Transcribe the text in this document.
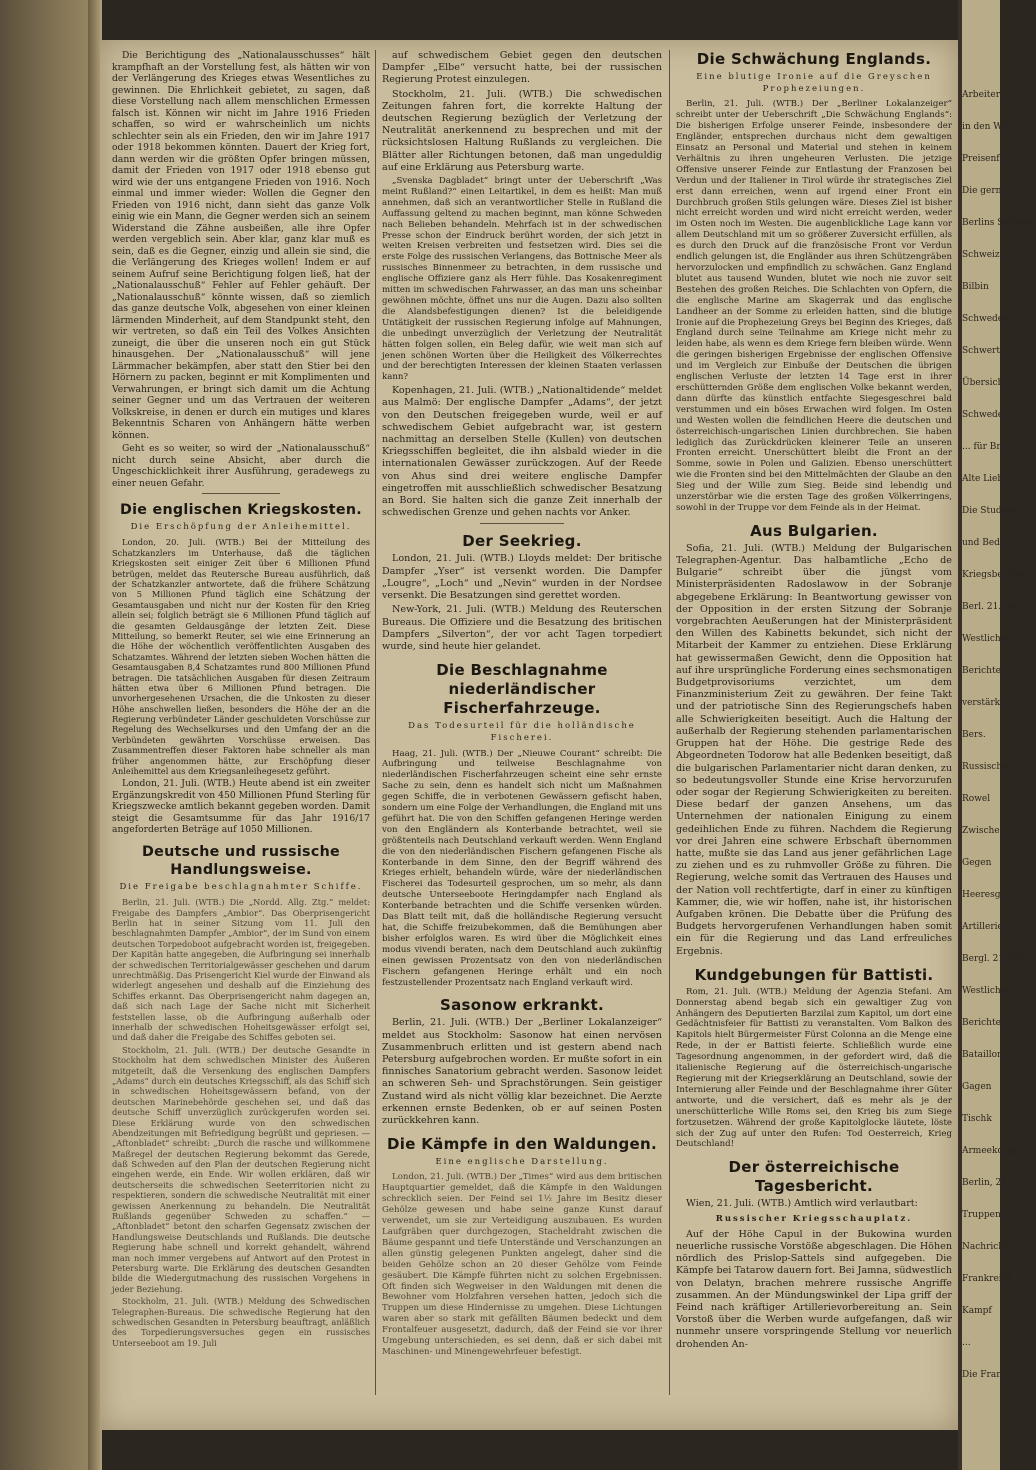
Die Berichtigung des „Nationalausschusses“ hält krampfhaft an der Vorstellung fest, als hätten wir von der Verlängerung des Krieges etwas Wesentliches zu gewinnen. Die Ehrlichkeit gebietet, zu sagen, daß diese Vorstellung nach allem menschlichen Ermessen falsch ist. Können wir nicht im Jahre 1916 Frieden schaffen, so wird er wahrscheinlich um nichts schlechter sein als ein Frieden, den wir im Jahre 1917 oder 1918 bekommen könnten. Dauert der Krieg fort, dann werden wir die größten Opfer bringen müssen, damit der Frieden von 1917 oder 1918 ebenso gut wird wie der uns entgangene Frieden von 1916. Noch einmal und immer wieder: Wollen die Gegner den Frieden von 1916 nicht, dann sieht das ganze Volk einig wie ein Mann, die Gegner werden sich an seinem Widerstand die Zähne ausbeißen, alle ihre Opfer werden vergeblich sein. Aber klar, ganz klar muß es sein, daß es die Gegner, einzig und allein sie sind, die die Verlängerung des Krieges wollen! Indem er auf seinem Aufruf seine Berichtigung folgen ließ, hat der „Nationalausschuß“ Fehler auf Fehler gehäuft. Der „Nationalausschuß“ könnte wissen, daß so ziemlich das ganze deutsche Volk, abgesehen von einer kleinen lärmenden Minderheit, auf dem Standpunkt steht, den wir vertreten, so daß ein Teil des Volkes Ansichten zuneigt, die über die unseren noch ein gut Stück hinausgehen. Der „Nationalausschuß“ will jene Lärmmacher bekämpfen, aber statt den Stier bei den Hörnern zu packen, beginnt er mit Komplimenten und Verwahrungen, er bringt sich damit um die Achtung seiner Gegner und um das Vertrauen der weiteren Volkskreise, in denen er durch ein mutiges und klares Bekenntnis Scharen von Anhängern hätte werben können.

Geht es so weiter, so wird der „Nationalausschuß“ nicht durch seine Absicht, aber durch die Ungeschicklichkeit ihrer Ausführung, geradewegs zu einer neuen Gefahr.

Die englischen Kriegskosten.
Die Erschöpfung der Anleihemittel.

London, 20. Juli. (WTB.) Bei der Mitteilung des Schatzkanzlers im Unterhause, daß die täglichen Kriegskosten seit einiger Zeit über 6 Millionen Pfund betrügen, meldet das Reutersche Bureau ausführlich, daß der Schatzkanzler antwortete, daß die frühere Schätzung von 5 Millionen Pfund täglich eine Schätzung der Gesamtausgaben und nicht nur der Kosten für den Krieg allein sei; folglich beträgt sie 6 Millionen Pfund täglich auf die gesamten Geldausgänge der letzten Zeit. Diese Mitteilung, so bemerkt Reuter, sei wie eine Erinnerung an die Höhe der wöchentlich veröffentlichten Ausgaben des Schatzamtes. Während der letzten sieben Wochen hätten die Gesamtausgaben 8,4 Schatzamtes rund 800 Millionen Pfund betragen. Die tatsächlichen Ausgaben für diesen Zeitraum hätten etwa über 6 Millionen Pfund betragen. Die unvorhergesehenen Ursachen, die die Unkosten zu dieser Höhe anschwellen ließen, besonders die Höhe der an die Regierung verbündeter Länder geschuldeten Vorschüsse zur Regelung des Wechselkurses und den Umfang der an die Verbündeten gewährten Vorschüsse erweisen. Das Zusammentreffen dieser Faktoren habe schneller als man früher angenommen hätte, zur Erschöpfung dieser Anleihemittel aus dem Kriegsanleihegesetz geführt.

London, 21. Juli. (WTB.) Heute abend ist ein zweiter Ergänzungskredit von 450 Millionen Pfund Sterling für Kriegszwecke amtlich bekannt gegeben worden. Damit steigt die Gesamtsumme für das Jahr 1916/17 angeforderten Beträge auf 1050 Millionen.

Deutsche und russische Handlungsweise.
Die Freigabe beschlagnahmter Schiffe.

Berlin, 21. Juli. (WTB.) Die „Nordd. Allg. Ztg.“ meldet: Freigabe des Dampfers „Ambior“. Das Oberprisengericht Berlin hat in seiner Sitzung vom 11. Juli den beschlagnahmten Dampfer „Ambior“, der im Sund von einem deutschen Torpedoboot aufgebracht worden ist, freigegeben. Der Kapitän hatte angegeben, die Aufbringung sei innerhalb der schwedischen Territorialgewässer geschehen und darum unrechtmäßig. Das Prisengericht Kiel wurde der Einwand als widerlegt angesehen und deshalb auf die Einziehung des Schiffes erkannt. Das Oberprisengericht nahm dagegen an, daß sich nach Lage der Sache nicht mit Sicherheit feststellen lasse, ob die Aufbringung außerhalb oder innerhalb der schwedischen Hoheitsgewässer erfolgt sei, und daß daher die Freigabe des Schiffes geboten sei.

Stockholm, 21. Juli. (WTB.) Der deutsche Gesandte in Stockholm hat dem schwedischen Minister des Äußeren mitgeteilt, daß die Versenkung des englischen Dampfers „Adams“ durch ein deutsches Kriegsschiff, als das Schiff sich in schwedischen Hoheitsgewässern befand, von der deutschen Marinebehörde geschehen sei, und daß das deutsche Schiff unverzüglich zurückgerufen worden sei. Diese Erklärung wurde von den schwedischen Abendzeitungen mit Befriedigung begrüßt und gepriesen. — „Aftonbladet“ schreibt: „Durch die rasche und willkommene Maßregel der deutschen Regierung bekommt das Gerede, daß Schweden auf den Plan der deutschen Regierung nicht eingehen werde, ein Ende. Wir wollen erklären, daß wir deutscherseits die schwedischen Seeterritorien nicht zu respektieren, sondern die schwedische Neutralität mit einer gewissen Anerkennung zu behandeln. Die Neutralität Rußlands gegenüber Schweden zu schaffen.“ — „Aftonbladet“ betont den scharfen Gegensatz zwischen der Handlungsweise Deutschlands und Rußlands. Die deutsche Regierung habe schnell und korrekt gehandelt, während man noch immer vergebens auf Antwort auf den Protest in Petersburg warte. Die Erklärung des deutschen Gesandten bilde die Wiedergutmachung des russischen Vorgehens in jeder Beziehung.

Stockholm, 21. Juli. (WTB.) Meldung des Schwedischen Telegraphen-Bureaus. Die schwedische Regierung hat den schwedischen Gesandten in Petersburg beauftragt, anläßlich des Torpedierungsversuches gegen ein russisches Unterseeboot am 19. Juli

auf schwedischem Gebiet gegen den deutschen Dampfer „Elbe“ versucht hatte, bei der russischen Regierung Protest einzulegen.

Stockholm, 21. Juli. (WTB.) Die schwedischen Zeitungen fahren fort, die korrekte Haltung der deutschen Regierung bezüglich der Verletzung der Neutralität anerkennend zu besprechen und mit der rücksichtslosen Haltung Rußlands zu vergleichen. Die Blätter aller Richtungen betonen, daß man ungeduldig auf eine Erklärung aus Petersburg warte.

„Svenska Dagbladet“ bringt unter der Ueberschrift „Was meint Rußland?“ einen Leitartikel, in dem es heißt: Man muß annehmen, daß sich an verantwortlicher Stelle in Rußland die Auffassung geltend zu machen beginnt, man könne Schweden nach Belieben behandeln. Mehrfach ist in der schwedischen Presse schon der Eindruck berührt worden, der sich jetzt in weiten Kreisen verbreiten und festsetzen wird. Dies sei die erste Folge des russischen Verlangens, das Bottnische Meer als russisches Binnenmeer zu betrachten, in dem russische und englische Offiziere ganz als Herr fühle. Das Kosakenregiment mitten im schwedischen Fahrwasser, an das man uns scheinbar gewöhnen möchte, öffnet uns nur die Augen. Dazu also sollten die Alandsbefestigungen dienen? Ist die beleidigende Untätigkeit der russischen Regierung infolge auf Mahnungen, die unbedingt unverzüglich der Verletzung der Neutralität hätten folgen sollen, ein Beleg dafür, wie weit man sich auf jenen schönen Worten über die Heiligkeit des Völkerrechtes und der berechtigten Interessen der kleinen Staaten verlassen kann?

Kopenhagen, 21. Juli. (WTB.) „Nationaltidende“ meldet aus Malmö: Der englische Dampfer „Adams“, der jetzt von den Deutschen freigegeben wurde, weil er auf schwedischem Gebiet aufgebracht war, ist gestern nachmittag an derselben Stelle (Kullen) von deutschen Kriegsschiffen begleitet, die ihn alsbald wieder in die internationalen Gewässer zurückzogen. Auf der Reede von Ahus sind drei weitere englische Dampfer eingetroffen mit ausschließlich schwedischer Besatzung an Bord. Sie halten sich die ganze Zeit innerhalb der schwedischen Grenze und gehen nachts vor Anker.

Der Seekrieg.

London, 21. Juli. (WTB.) Lloyds meldet: Der britische Dampfer „Yser“ ist versenkt worden. Die Dampfer „Lougre“, „Loch“ und „Nevin“ wurden in der Nordsee versenkt. Die Besatzungen sind gerettet worden.

New-York, 21. Juli. (WTB.) Meldung des Reuterschen Bureaus. Die Offiziere und die Besatzung des britischen Dampfers „Silverton“, der vor acht Tagen torpediert wurde, sind heute hier gelandet.

Die Beschlagnahme niederländischer Fischerfahrzeuge.
Das Todesurteil für die holländische Fischerei.

Haag, 21. Juli. (WTB.) Der „Nieuwe Courant“ schreibt: Die Aufbringung und teilweise Beschlagnahme von niederländischen Fischerfahrzeugen scheint eine sehr ernste Sache zu sein, denn es handelt sich nicht um Maßnahmen gegen Schiffe, die in verbotenen Gewässern gefischt haben, sondern um eine Folge der Verhandlungen, die England mit uns geführt hat. Die von den Schiffen gefangenen Heringe werden von den Engländern als Konterbande betrachtet, weil sie größtenteils nach Deutschland verkauft werden. Wenn England die von den niederländischen Fischern gefangenen Fische als Konterbande in dem Sinne, den der Begriff während des Krieges erhielt, behandeln würde, wäre der niederländischen Fischerei das Todesurteil gesprochen, um so mehr, als dann deutsche Unterseeboote Heringdampfer nach England als Konterbande betrachten und die Schiffe versenken würden. Das Blatt teilt mit, daß die holländische Regierung versucht hat, die Schiffe freizubekommen, daß die Bemühungen aber bisher erfolglos waren. Es wird über die Möglichkeit eines modus vivendi beraten, nach dem Deutschland auch zukünftig einen gewissen Prozentsatz von den von niederländischen Fischern gefangenen Heringe erhält und ein noch festzustellender Prozentsatz nach England verkauft wird.

Sasonow erkrankt.

Berlin, 21. Juli. (WTB.) Der „Berliner Lokalanzeiger“ meldet aus Stockholm: Sasonow hat einen nervösen Zusammenbruch erlitten und ist gestern abend nach Petersburg aufgebrochen worden. Er mußte sofort in ein finnisches Sanatorium gebracht werden. Sasonow leidet an schweren Seh- und Sprachstörungen. Sein geistiger Zustand wird als nicht völlig klar bezeichnet. Die Aerzte erkennen ernste Bedenken, ob er auf seinen Posten zurückkehren kann.

Die Kämpfe in den Waldungen.
Eine englische Darstellung.

London, 21. Juli. (WTB.) Der „Times“ wird aus dem britischen Hauptquartier gemeldet, daß die Kämpfe in den Waldungen schrecklich seien. Der Feind sei 1½ Jahre im Besitz dieser Gehölze gewesen und habe seine ganze Kunst darauf verwendet, um sie zur Verteidigung auszubauen. Es wurden Laufgräben quer durchgezogen, Stacheldraht zwischen die Bäume gespannt und tiefe Unterstände und Verschanzungen an allen günstig gelegenen Punkten angelegt, daher sind die beiden Gehölze schon an 20 dieser Gehölze vom Feinde gesäubert. Die Kämpfe führten nicht zu solchen Ergebnissen. Oft finden sich Wegweiser in den Waldungen mit denen die Bewohner vom Holzfahren versehen hatten, jedoch sich die Truppen um diese Hindernisse zu umgehen. Diese Lichtungen waren aber so stark mit gefällten Bäumen bedeckt und dem Frontalfeuer ausgesetzt, dadurch, daß der Feind sie vor ihrer Umgebung unterschieden, es sei denn, daß er sich dabei mit Maschinen- und Minengewehrfeuer befestigt.

Die Schwächung Englands.
Eine blutige Ironie auf die Greyschen Prophezeiungen.

Berlin, 21. Juli. (WTB.) Der „Berliner Lokalanzeiger“ schreibt unter der Ueberschrift „Die Schwächung Englands“: Die bisherigen Erfolge unserer Feinde, insbesondere der Engländer, entsprechen durchaus nicht dem gewaltigen Einsatz an Personal und Material und stehen in keinem Verhältnis zu ihren ungeheuren Verlusten. Die jetzige Offensive unserer Feinde zur Entlastung der Franzosen bei Verdun und der Italiener in Tirol würde ihr strategisches Ziel erst dann erreichen, wenn auf irgend einer Front ein Durchbruch großen Stils gelungen wäre. Dieses Ziel ist bisher nicht erreicht worden und wird nicht erreicht werden, weder im Osten noch im Westen. Die augenblickliche Lage kann vor allem Deutschland mit um so größerer Zuversicht erfüllen, als es durch den Druck auf die französische Front vor Verdun endlich gelungen ist, die Engländer aus ihren Schützengräben hervorzulocken und empfindlich zu schwächen. Ganz England blutet aus tausend Wunden, blutet wie noch nie zuvor seit Bestehen des großen Reiches. Die Schlachten von Opfern, die die englische Marine am Skagerrak und das englische Landheer an der Somme zu erleiden hatten, sind die blutige Ironie auf die Prophezeiung Greys bei Beginn des Krieges, daß England durch seine Teilnahme am Kriege nicht mehr zu leiden habe, als wenn es dem Kriege fern bleiben würde. Wenn die geringen bisherigen Ergebnisse der englischen Offensive und im Vergleich zur Einbuße der Deutschen die übrigen englischen Verluste der letzten 14 Tage erst in ihrer erschütternden Größe dem englischen Volke bekannt werden, dann dürfte das künstlich entfachte Siegesgeschrei bald verstummen und ein böses Erwachen wird folgen. Im Osten und Westen wollen die feindlichen Heere die deutschen und österreichisch-ungarischen Linien durchbrechen. Sie haben lediglich das Zurückdrücken kleinerer Teile an unseren Fronten erreicht. Unerschüttert bleibt die Front an der Somme, sowie in Polen und Galizien. Ebenso unerschüttert wie die Fronten sind bei den Mittelmächten der Glaube an den Sieg und der Wille zum Sieg. Beide sind lebendig und unzerstörbar wie die ersten Tage des großen Völkerringens, sowohl in der Truppe vor dem Feinde als in der Heimat.

Aus Bulgarien.

Sofia, 21. Juli. (WTB.) Meldung der Bulgarischen Telegraphen-Agentur. Das halbamtliche „Echo de Bulgarie“ schreibt über die jüngst vom Ministerpräsidenten Radoslawow in der Sobranje abgegebene Erklärung: In Beantwortung gewisser von der Opposition in der ersten Sitzung der Sobranje vorgebrachten Aeußerungen hat der Ministerpräsident den Willen des Kabinetts bekundet, sich nicht der Mitarbeit der Kammer zu entziehen. Diese Erklärung hat gewissermaßen Gewicht, denn die Opposition hat auf ihre ursprüngliche Forderung eines sechsmonatigen Budgetprovisoriums verzichtet, um dem Finanzministerium Zeit zu gewähren. Der feine Takt und der patriotische Sinn des Regierungschefs haben alle Schwierigkeiten beseitigt. Auch die Haltung der außerhalb der Regierung stehenden parlamentarischen Gruppen hat der Höhe. Die gestrige Rede des Abgeordneten Todorow hat alle Bedenken beseitigt, daß die bulgarischen Parlamentarier nicht daran denken, zu so bedeutungsvoller Stunde eine Krise hervorzurufen oder sogar der Regierung Schwierigkeiten zu bereiten. Diese bedarf der ganzen Ansehens, um das Unternehmen der nationalen Einigung zu einem gedeihlichen Ende zu führen. Nachdem die Regierung vor drei Jahren eine schwere Erbschaft übernommen hatte, mußte sie das Land aus jener gefährlichen Lage zu ziehen und es zu ruhmvoller Größe zu führen. Die Regierung, welche somit das Vertrauen des Hauses und der Nation voll rechtfertigte, darf in einer zu künftigen Kammer, die, wie wir hoffen, nahe ist, ihr historischen Aufgaben krönen. Die Debatte über die Prüfung des Budgets hervorgerufenen Verhandlungen haben somit ein für die Regierung und das Land erfreuliches Ergebnis.

Kundgebungen für Battisti.

Rom, 21. Juli. (WTB.) Meldung der Agenzia Stefani. Am Donnerstag abend begab sich ein gewaltiger Zug von Anhängern des Deputierten Barzilai zum Kapitol, um dort eine Gedächtnisfeier für Battisti zu veranstalten. Vom Balkon des Kapitols hielt Bürgermeister Fürst Colonna an die Menge eine Rede, in der er Battisti feierte. Schließlich wurde eine Tagesordnung angenommen, in der gefordert wird, daß die italienische Regierung auf die österreichisch-ungarische Regierung mit der Kriegserklärung an Deutschland, sowie der Internierung aller Feinde und der Beschlagnahme ihrer Güter antworte, und die versichert, daß es mehr als je der unerschütterliche Wille Roms sei, den Krieg bis zum Siege fortzusetzen. Während der große Kapitolglocke läutete, löste sich der Zug auf unter den Rufen: Tod Oesterreich, Krieg Deutschland!

Der österreichische Tagesbericht.

Wien, 21. Juli. (WTB.) Amtlich wird verlautbart:

Russischer Kriegsschauplatz.

Auf der Höhe Capul in der Bukowina wurden neuerliche russische Vorstöße abgeschlagen. Die Höhen nördlich des Prislop-Sattels sind aufgegeben. Die Kämpfe bei Tatarow dauern fort. Bei Jamna, südwestlich von Delatyn, brachen mehrere russische Angriffe zusammen. An der Mündungswinkel der Lipa griff der Feind nach kräftiger Artillerievorbereitung an. Sein Vorstoß über die Werben wurde aufgefangen, daß wir nunmehr unsere vorspringende Stellung vor neuerlich drohenden An-

Arbeiterp
in den We
Preisenfa
Die gern
Berlins Stellung
Schweiz
Bilbin
Schweden
Schwert
Übersicht
Schwede
... für Bre
Alte Lieb.
Die Studien
und Bed.
Kriegsbericht
Berl. 21. Juli.
Westlicher
Berichtet
verstärk
Bers.
Russische
Rowel
Zwischen
Gegen
Heeresgr.
Artillerie
Bergl. 21. Juli.
Westlicher
Berichte
Bataillon
Gagen
Tischk
Armeekorps
Berlin, 21.
Truppen
Nachrichte
Frankreich
Kampf
...
Die Franz
